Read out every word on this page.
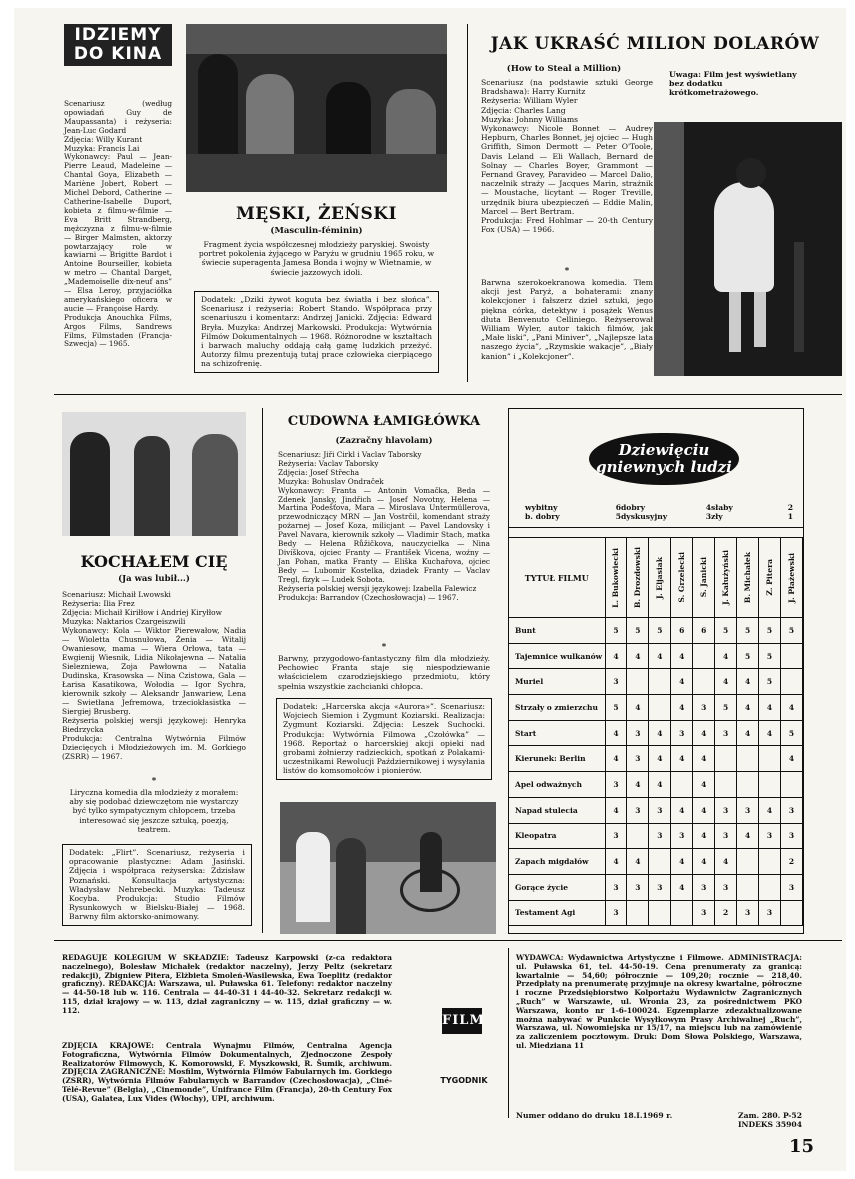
IDZIEMY
DO KINA

Scenariusz (według opowiadań Guy de Maupassanta) i reżyseria: Jean-Luc Godard
Zdjęcia: Willy Kurant
Muzyka: Francis Lai
Wykonawcy: Paul — Jean-Pierre Leaud, Madeleine — Chantal Goya, Elizabeth — Mariène Jobert, Robert — Michel Debord, Catherine — Catherine-Isabelle Duport, kobieta z filmu-w-filmie — Eva Britt Strandberg, mężczyzna z filmu-w-filmie — Birger Malmsten, aktorzy powtarzający role w kawiarni — Brigitte Bardot i Antoine Bourseiller, kobieta w metro — Chantal Darget, „Mademoiselle dix-neuf ans” — Elsa Leroy, przyjaciółka amerykańskiego oficera w aucie — Françoise Hardy.
Produkcja Anouchka Films, Argos Films, Sandrews Films, Filmstaden (Francja-Szwecja) — 1965.

MĘSKI, ŻEŃSKI
(Masculin-féminin)

Fragment życia współczesnej młodzieży paryskiej. Swoisty portret pokolenia żyjącego w Paryżu w grudniu 1965 roku, w świecie superagenta Jamesa Bonda i wojny w Wietnamie, w świecie jazzowych idoli.

Dodatek: „Dziki żywot koguta bez światła i bez słońca”. Scenariusz i reżyseria: Robert Stando. Współpraca przy scenariuszu i komentarz: Andrzej Janicki. Zdjęcia: Edward Bryła. Muzyka: Andrzej Markowski. Produkcja: Wytwórnia Filmów Dokumentalnych — 1968. Różnorodne w kształtach i barwach maluchy oddają całą gamę ludzkich przeżyć. Autorzy filmu prezentują tutaj prace człowieka cierpiącego na schizofrenię.

JAK UKRAŚĆ MILION DOLARÓW
(How to Steal a Million)

Scenariusz (na podstawie sztuki George Bradshawa): Harry Kurnitz
Reżyseria: William Wyler
Zdjęcia: Charles Lang
Muzyka: Johnny Williams
Wykonawcy: Nicole Bonnet — Audrey Hepburn, Charles Bonnet, jej ojciec — Hugh Griffith, Simon Dermott — Peter O'Toole, Davis Leland — Eli Wallach, Bernard de Solnay — Charles Boyer, Grammont — Fernand Gravey, Paravideo — Marcel Dalio, naczelnik straży — Jacques Marin, strażnik — Moustache, licytant — Roger Treville, urzędnik biura ubezpieczeń — Eddie Malin, Marcel — Bert Bertram.
Produkcja: Fred Hohlmar — 20-th Century Fox (USA) — 1966.

*

Barwna szerokoekranowa komedia. Tłem akcji jest Paryż, a bohaterami: znany kolekcjoner i fałszerz dzieł sztuki, jego piękna córka, detektyw i posążek Wenus dłuta Benvenuto Celliniego. Reżyserował William Wyler, autor takich filmów, jak „Małe liski”, „Pani Miniver”, „Najlepsze lata naszego życia”, „Rzymskie wakacje”, „Biały kanion” i „Kolekcjoner”.

Uwaga: Film jest wyświetlany bez dodatku krótkometrażowego.

KOCHAŁEM CIĘ
(Ja was lubił...)

Scenariusz: Michaił Lwowski
Reżyseria: Ilia Frez
Zdjęcia: Michaił Kiriłłow i Andriej Kiryłłow
Muzyka: Naktarios Czargeiszwili
Wykonawcy: Kola — Wiktor Pierewałow, Nadia — Wioletta Chusnułowa, Żenia — Witalij Owaniesow, mama — Wiera Orłowa, tata — Ewgienij Wiesnik, Lidia Nikołajewna — Natalia Sielezniewa, Zoja Pawłowna — Natalia Dudinska, Krasowska — Nina Czistowa, Gala — Łarisa Kasatikowa, Wołodia — Igor Sychra, kierownik szkoły — Aleksandr Janwariew, Lena — Swietłana Jefremowa, trzeciokłasistka — Siergiej Brusberg.
Reżyseria polskiej wersji językowej: Henryka Biedrzycka
Produkcja: Centralna Wytwórnia Filmów Dziecięcych i Młodzieżowych im. M. Gorkiego (ZSRR) — 1967.

*

Liryczna komedia dla młodzieży z morałem: aby się podobać dziewczętom nie wystarczy być tylko sympatycznym chłopcem, trzeba interesować się jeszcze sztuką, poezją, teatrem.

Dodatek: „Flirt”. Scenariusz, reżyseria i opracowanie plastyczne: Adam Jasiński. Zdjęcia i współpraca reżyserska: Zdzisław Poznański. Konsultacja artystyczna: Władysław Nehrebecki. Muzyka: Tadeusz Kocyba. Produkcja: Studio Filmów Rysunkowych w Bielsku-Białej — 1968. Barwny film aktorsko-animowany.

CUDOWNA ŁAMIGŁÓWKA
(Zazračny hlavolam)

Scenariusz: Jiři Cirkl i Vaclav Taborsky
Reżyseria: Vaclav Taborsky
Zdjęcia: Josef Střecha
Muzyka: Bohuslav Ondraček
Wykonawcy: Franta — Antonin Vomačka, Beda — Zdenek Jansky, Jindřich — Josef Novotny, Helena — Martina Podešťova, Mara — Miroslava Untermüllerova, przewodniczący MRN — Jan Vostrčil, komendant straży pożarnej — Josef Koza, milicjant — Pavel Landovsky i Pavel Navara, kierownik szkoły — Vladimir Stach, matka Bedy — Helena Růžičkova, nauczycielka — Nina Divíškova, ojciec Franty — František Vicena, woźny — Jan Pohan, matka Franty — Eliška Kuchařova, ojciec Bedy — Lubomir Kostelka, dziadek Franty — Vaclav Tregl, fizyk — Ludek Sobota.
Reżyseria polskiej wersji językowej: Izabella Falewicz
Produkcja: Barrandov (Czechosłowacja) — 1967.

*

Barwny, przygodowo-fantastyczny film dla młodzieży. Pechowiec Franta staje się niespodziewanie właścicielem czarodziejskiego przedmiotu, który spełnia wszystkie zachcianki chłopca.

Dodatek: „Harcerska akcja «Aurora»”. Scenariusz: Wojciech Siemion i Zygmunt Koziarski. Realizacja: Zygmunt Koziarski. Zdjęcia: Leszek Suchocki. Produkcja: Wytwórnia Filmowa „Czołówka” — 1968. Reportaż o harcerskiej akcji opieki nad grobami żołnierzy radzieckich, spotkań z Polakami-uczestnikami Rewolucji Październikowej i wysyłania listów do komsomołców i pionierów.

Dziewięciu
gniewnych ludzi
wybitny	6 dobry	4 słaby	2
b. dobry	5 dyskusyjny	3 zły	1
TYTUŁ FILMU	L. Bukowiecki	B. Drozdowski	J. Eljasiak	S. Grzelecki	S. Janicki	J. Kałużyński	B. Michałek	Z. Pitera	J. Płażewski

Bunt	5	5	5	6	6	5	5	5	5
Tajemnice wulkanów	4	4	4	4		4	5	5	
Muriel	3			4		4	4	5	
Strzały o zmierzchu	5	4		4	3	5	4	4	4
Start	4	3	4	3	4	3	4	4	5
Kierunek: Berlin	4	3	4	4	4				4
Apel odważnych	3	4	4		4				
Napad stulecia	4	3	3	4	4	3	3	4	3
Kleopatra	3		3	3	4	3	4	3	3
Zapach migdałów	4	4		4	4	4			2
Gorące życie	3	3	3	4	3	3			3
Testament Agi	3				3	2	3	3	

REDAGUJE KOLEGIUM W SKŁADZIE: Tadeusz Karpowski (z-ca redaktora naczelnego), Bolesław Michałek (redaktor naczelny), Jerzy Peltz (sekretarz redakcji), Zbigniew Pitera, Elżbieta Smoleń-Wasilewska, Ewa Toeplitz (redaktor graficzny). REDAKCJA: Warszawa, ul. Puławska 61. Telefony: redaktor naczelny — 44-50-18 lub w. 116. Centrala — 44-40-31 i 44-40-32. Sekretarz redakcji w. 115, dział krajowy — w. 113, dział zagraniczny — w. 115, dział graficzny — w. 112.

ZDJĘCIA KRAJOWE: Centrala Wynajmu Filmów, Centralna Agencja Fotograficzna, Wytwórnia Filmów Dokumentalnych, Zjednoczone Zespoły Realizatorów Filmowych, K. Komorowski, F. Myszkowski, R. Šumik, archiwum. ZDJĘCIA ZAGRANICZNE: Mosfilm, Wytwórnia Filmów Fabularnych im. Gorkiego (ZSRR), Wytwórnia Filmów Fabularnych w Barrandov (Czechosłowacja), „Ciné-Télé-Revue” (Belgia), „Cinemonde”, Unifrance Film (Francja), 20-th Century Fox (USA), Galatea, Lux Vides (Włochy), UPI, archiwum.

FILM
TYGODNIK

WYDAWCA: Wydawnictwa Artystyczne i Filmowe. ADMINISTRACJA: ul. Puławska 61, tel. 44-50-19. Cena prenumeraty za granicą: kwartalnie — 54,60; półrocznie — 109,20; rocznie — 218,40. Przedpłaty na prenumeratę przyjmuje na okresy kwartalne, półroczne i roczne Przedsiębiorstwo Kolportażu Wydawnictw Zagranicznych „Ruch” w Warszawie, ul. Wronia 23, za pośrednictwem PKO Warszawa, konto nr 1-6-100024. Egzemplarze zdezaktualizowane można nabywać w Punkcie Wysyłkowym Prasy Archiwalnej „Ruch”, Warszawa, ul. Nowomiejska nr 15/17, na miejscu lub na zamówienie za zaliczeniem pocztowym. Druk: Dom Słowa Polskiego, Warszawa, ul. Miedziana 11

Zam. 280. P-52
Numer oddano do druku 18.I.1969 r.
INDEKS 35904
15
